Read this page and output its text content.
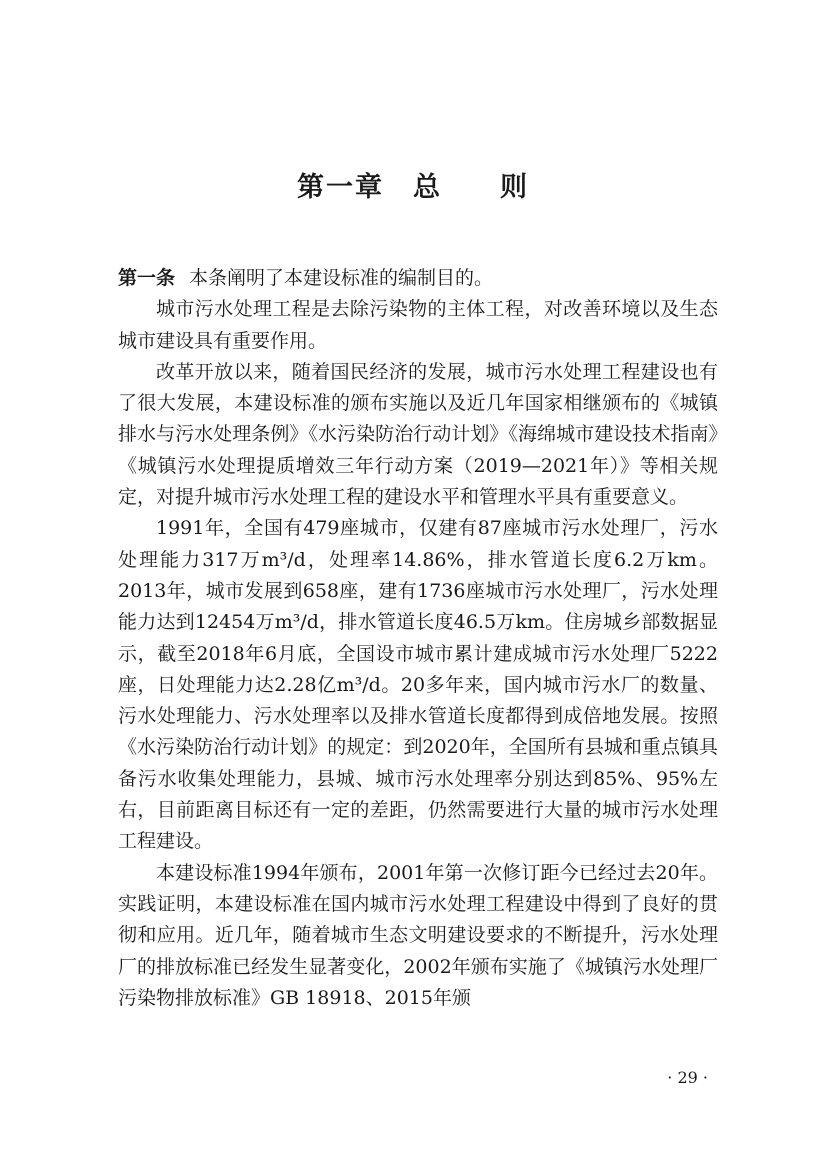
第一章　总　　则

第一条 本条阐明了本建设标准的编制目的。

城市污水处理工程是去除污染物的主体工程，对改善环境以及生态城市建设具有重要作用。

改革开放以来，随着国民经济的发展，城市污水处理工程建设也有了很大发展，本建设标准的颁布实施以及近几年国家相继颁布的《城镇排水与污水处理条例》《水污染防治行动计划》《海绵城市建设技术指南》《城镇污水处理提质增效三年行动方案（2019—2021年）》等相关规定，对提升城市污水处理工程的建设水平和管理水平具有重要意义。

1991年，全国有479座城市，仅建有87座城市污水处理厂，污水处理能力317万m³/d，处理率14.86%，排水管道长度6.2万km。2013年，城市发展到658座，建有1736座城市污水处理厂，污水处理能力达到12454万m³/d，排水管道长度46.5万km。住房城乡部数据显示，截至2018年6月底，全国设市城市累计建成城市污水处理厂5222座，日处理能力达2.28亿m³/d。20多年来，国内城市污水厂的数量、污水处理能力、污水处理率以及排水管道长度都得到成倍地发展。按照《水污染防治行动计划》的规定：到2020年，全国所有县城和重点镇具备污水收集处理能力，县城、城市污水处理率分别达到85%、95%左右，目前距离目标还有一定的差距，仍然需要进行大量的城市污水处理工程建设。

本建设标准1994年颁布，2001年第一次修订距今已经过去20年。实践证明，本建设标准在国内城市污水处理工程建设中得到了良好的贯彻和应用。近几年，随着城市生态文明建设要求的不断提升，污水处理厂的排放标准已经发生显著变化，2002年颁布实施了《城镇污水处理厂污染物排放标准》GB 18918、2015年颁

· 29 ·
